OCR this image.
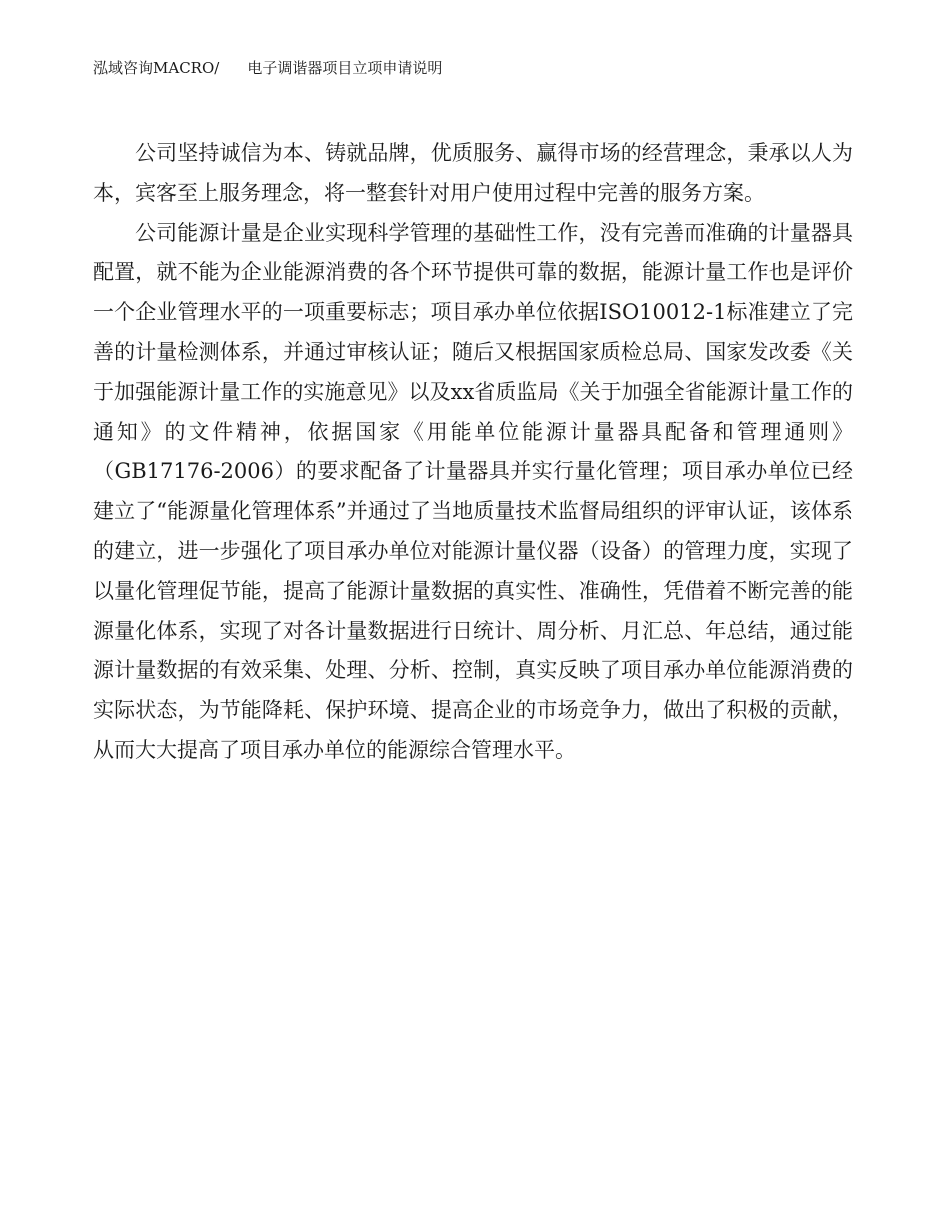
泓域咨询MACRO/ 电子调谐器项目立项申请说明

公司坚持诚信为本、铸就品牌，优质服务、赢得市场的经营理念，秉承以人为本，宾客至上服务理念，将一整套针对用户使用过程中完善的服务方案。

公司能源计量是企业实现科学管理的基础性工作，没有完善而准确的计量器具配置，就不能为企业能源消费的各个环节提供可靠的数据，能源计量工作也是评价一个企业管理水平的一项重要标志；项目承办单位依据ISO10012-1标准建立了完善的计量检测体系，并通过审核认证；随后又根据国家质检总局、国家发改委《关于加强能源计量工作的实施意见》以及xx省质监局《关于加强全省能源计量工作的通知》的文件精神，依据国家《用能单位能源计量器具配备和管理通则》（GB17176-2006）的要求配备了计量器具并实行量化管理；项目承办单位已经建立了“能源量化管理体系”并通过了当地质量技术监督局组织的评审认证，该体系的建立，进一步强化了项目承办单位对能源计量仪器（设备）的管理力度，实现了以量化管理促节能，提高了能源计量数据的真实性、准确性，凭借着不断完善的能源量化体系，实现了对各计量数据进行日统计、周分析、月汇总、年总结，通过能源计量数据的有效采集、处理、分析、控制，真实反映了项目承办单位能源消费的实际状态，为节能降耗、保护环境、提高企业的市场竞争力，做出了积极的贡献，从而大大提高了项目承办单位的能源综合管理水平。
